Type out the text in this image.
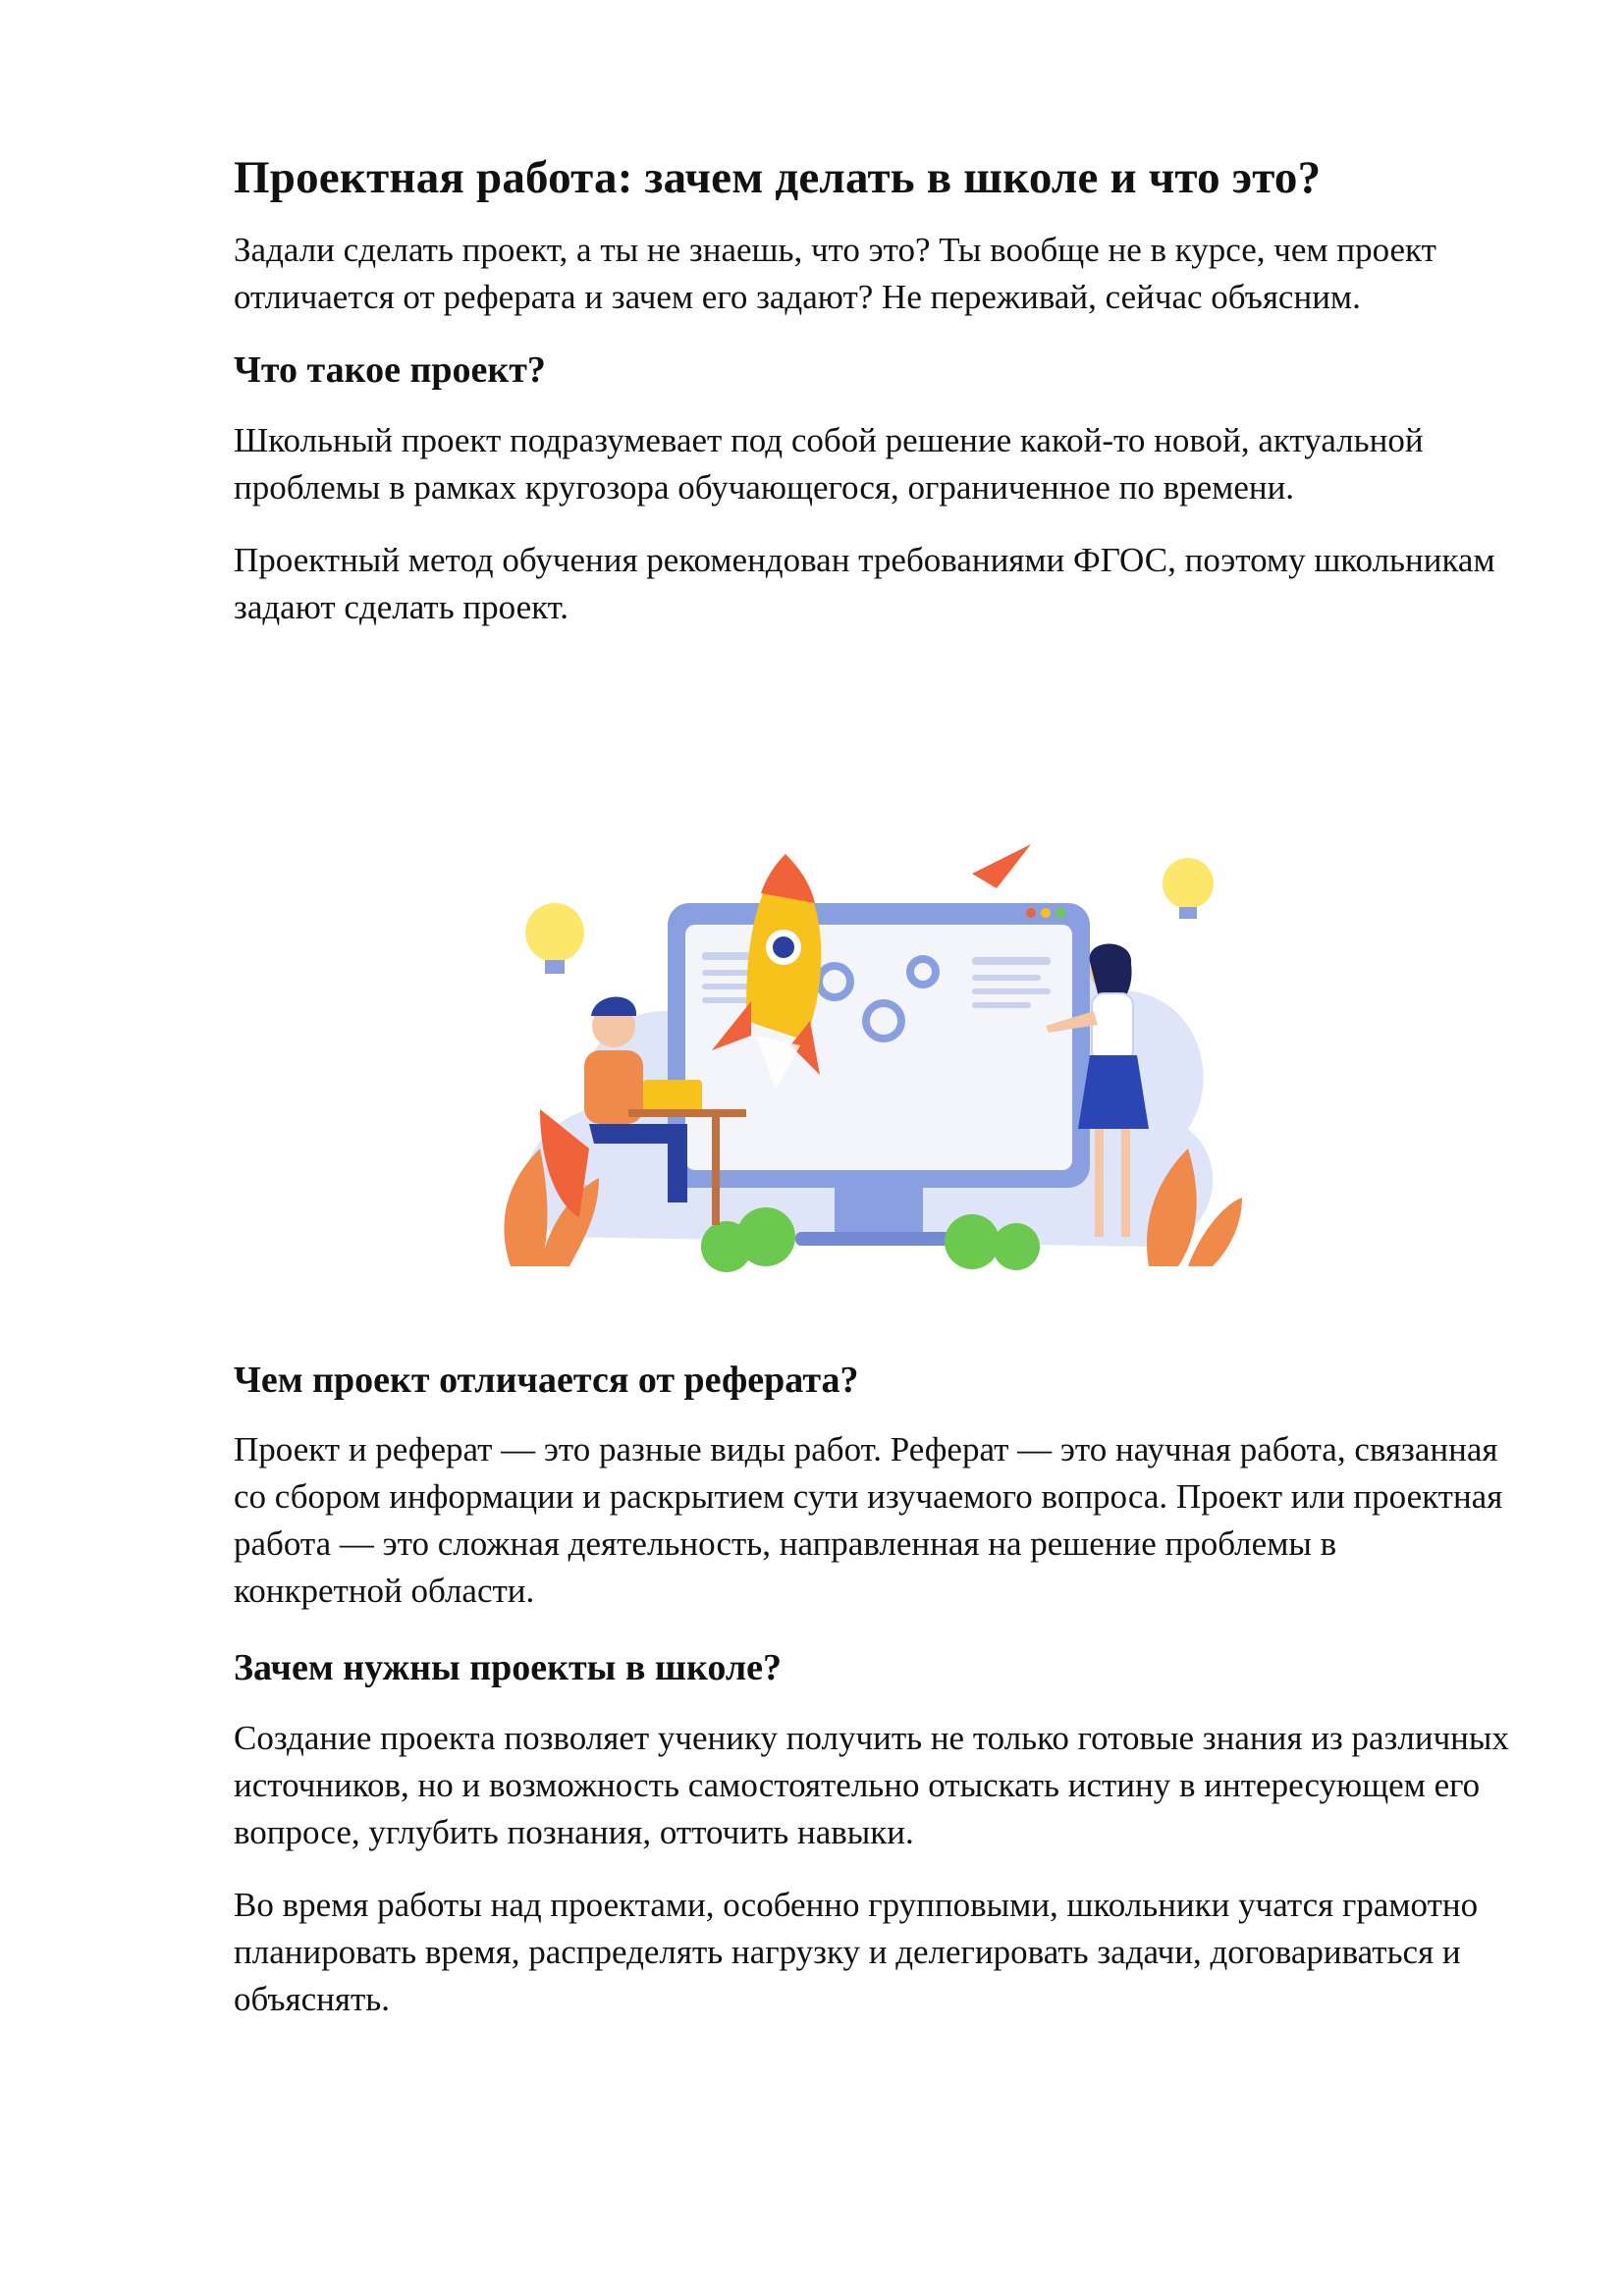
Проектная работа: зачем делать в школе и что это?

Задали сделать проект, а ты не знаешь, что это? Ты вообще не в курсе, чем проект отличается от реферата и зачем его задают? Не переживай, сейчас объясним.

Что такое проект?

Школьный проект подразумевает под собой решение какой-то новой, актуальной проблемы в рамках кругозора обучающегося, ограниченное по времени.

Проектный метод обучения рекомендован требованиями ФГОС, поэтому школьникам задают сделать проект.

Чем проект отличается от реферата?

Проект и реферат — это разные виды работ. Реферат — это научная работа, связанная со сбором информации и раскрытием сути изучаемого вопроса. Проект или проектная работа — это сложная деятельность, направленная на решение проблемы в конкретной области.

Зачем нужны проекты в школе?

Создание проекта позволяет ученику получить не только готовые знания из различных источников, но и возможность самостоятельно отыскать истину в интересующем его вопросе, углубить познания, отточить навыки.

Во время работы над проектами, особенно групповыми, школьники учатся грамотно планировать время, распределять нагрузку и делегировать задачи, договариваться и объяснять.
